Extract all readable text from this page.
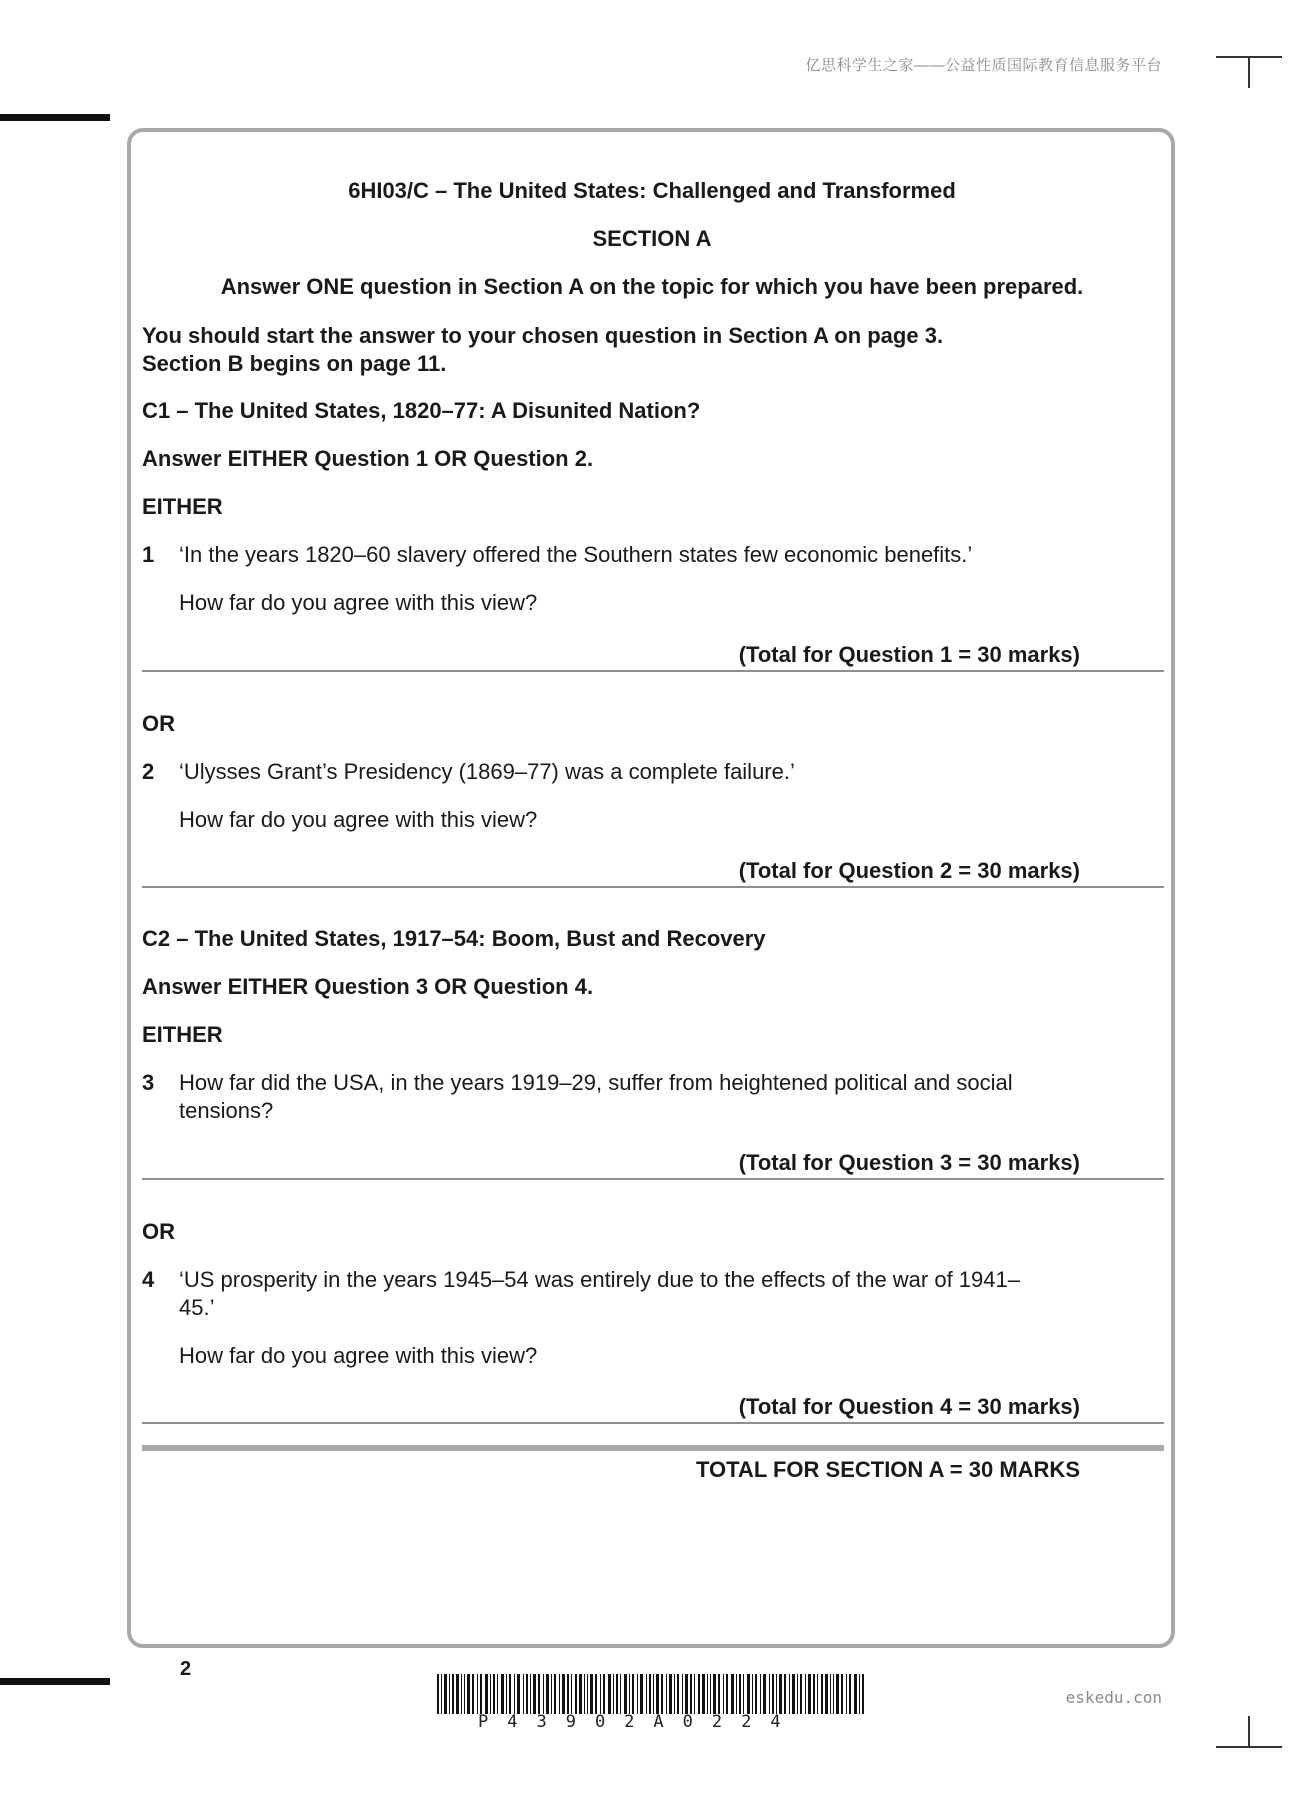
亿思科学生之家——公益性质国际教育信息服务平台
6HI03/C – The United States: Challenged and Transformed
SECTION A
Answer ONE question in Section A on the topic for which you have been prepared.
You should start the answer to your chosen question in Section A on page 3.
Section B begins on page 11.
C1 – The United States, 1820–77: A Disunited Nation?
Answer EITHER Question 1 OR Question 2.
EITHER
1 ‘In the years 1820–60 slavery offered the Southern states few economic benefits.’
How far do you agree with this view?
(Total for Question 1 = 30 marks)
OR
2 ‘Ulysses Grant’s Presidency (1869–77) was a complete failure.’
How far do you agree with this view?
(Total for Question 2 = 30 marks)
C2 – The United States, 1917–54: Boom, Bust and Recovery
Answer EITHER Question 3 OR Question 4.
EITHER
3 How far did the USA, in the years 1919–29, suffer from heightened political and social tensions?
(Total for Question 3 = 30 marks)
OR
4 ‘US prosperity in the years 1945–54 was entirely due to the effects of the war of 1941–45.’
How far do you agree with this view?
(Total for Question 4 = 30 marks)
TOTAL FOR SECTION A = 30 MARKS
2
P43902A0224
eskedu.con
